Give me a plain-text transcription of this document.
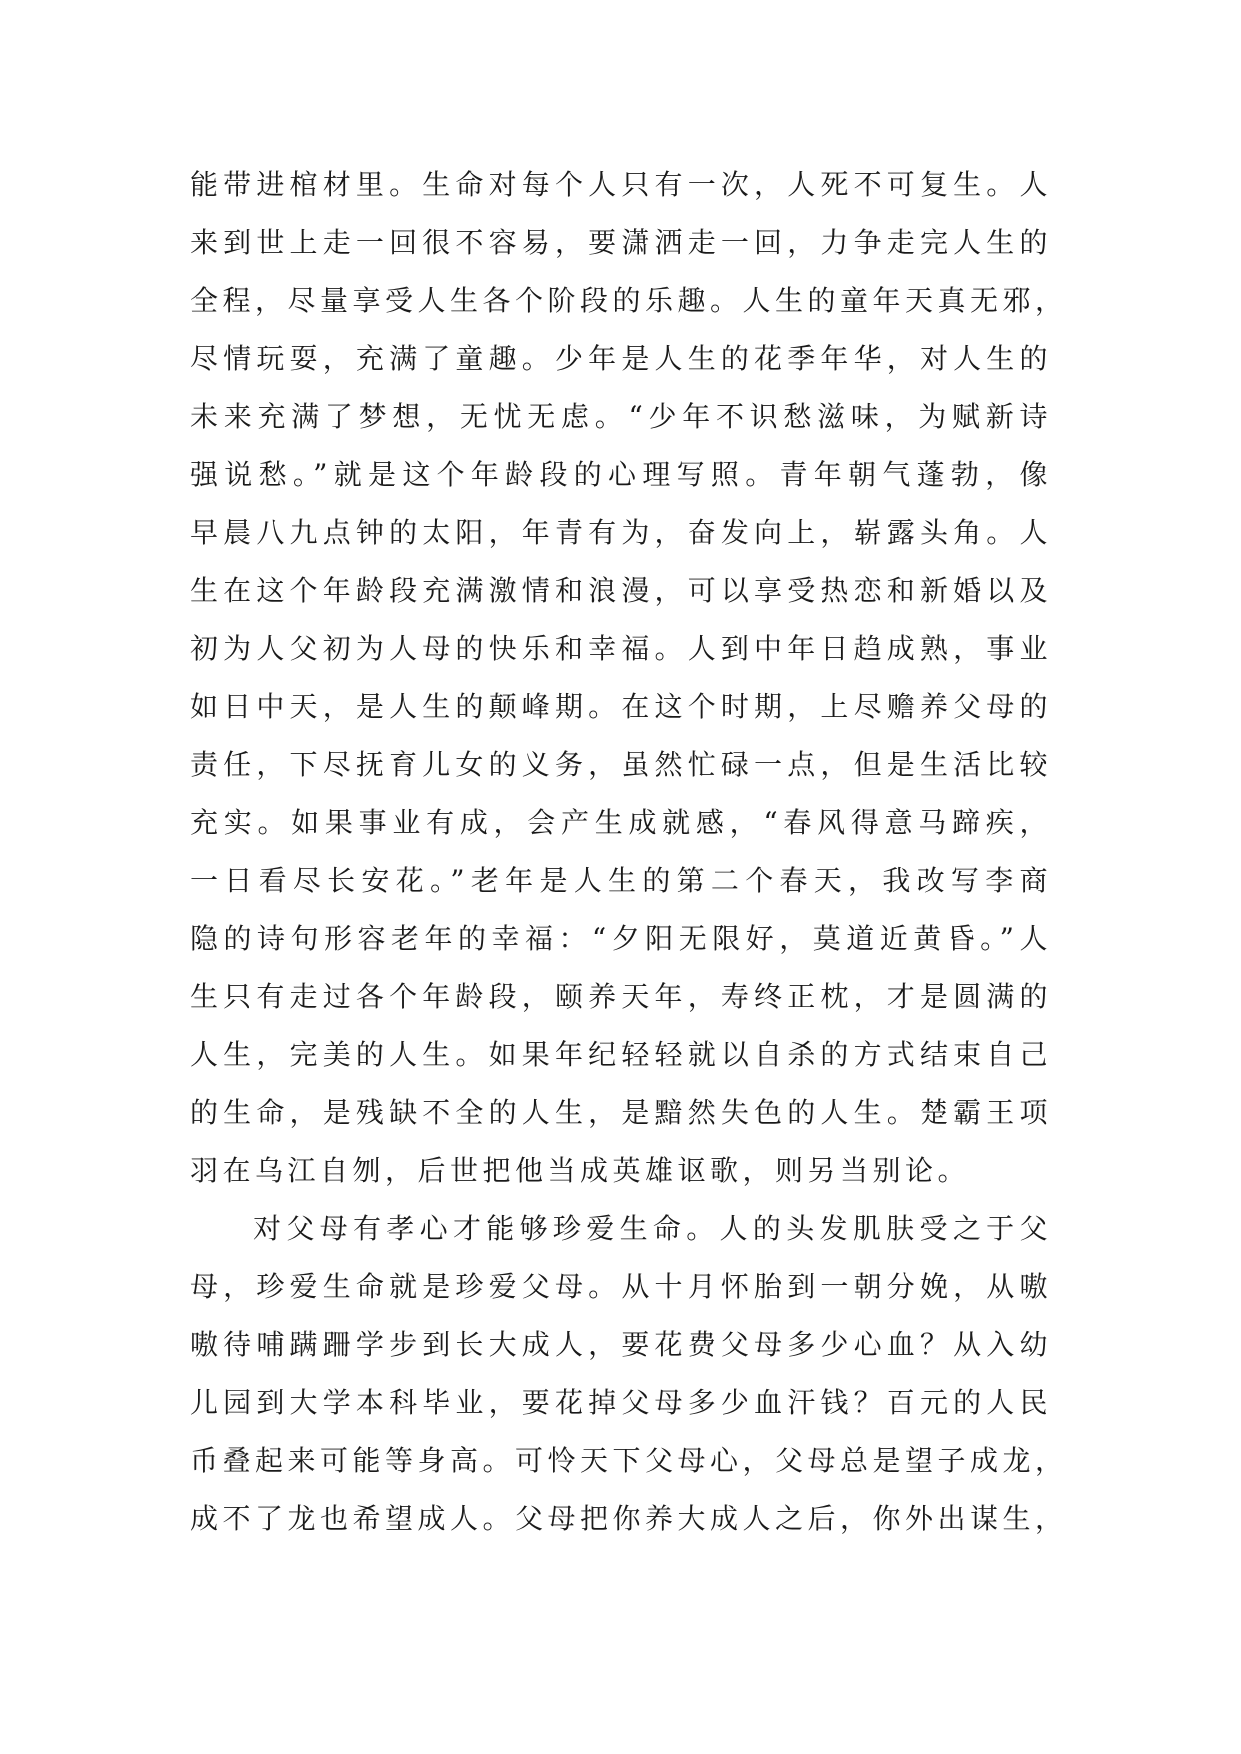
能带进棺材里。生命对每个人只有一次，人死不可复生。人
来到世上走一回很不容易，要潇洒走一回，力争走完人生的
全程，尽量享受人生各个阶段的乐趣。人生的童年天真无邪，
尽情玩耍，充满了童趣。少年是人生的花季年华，对人生的
未来充满了梦想，无忧无虑。“少年不识愁滋味，为赋新诗
强说愁。”就是这个年龄段的心理写照。青年朝气蓬勃，像
早晨八九点钟的太阳，年青有为，奋发向上，崭露头角。人
生在这个年龄段充满激情和浪漫，可以享受热恋和新婚以及
初为人父初为人母的快乐和幸福。人到中年日趋成熟，事业
如日中天，是人生的颠峰期。在这个时期，上尽赡养父母的
责任，下尽抚育儿女的义务，虽然忙碌一点，但是生活比较
充实。如果事业有成，会产生成就感，“春风得意马蹄疾，
一日看尽长安花。”老年是人生的第二个春天，我改写李商
隐的诗句形容老年的幸福：“夕阳无限好，莫道近黄昏。”人
生只有走过各个年龄段，颐养天年，寿终正枕，才是圆满的
人生，完美的人生。如果年纪轻轻就以自杀的方式结束自己
的生命，是残缺不全的人生，是黯然失色的人生。楚霸王项
羽在乌江自刎，后世把他当成英雄讴歌，则另当别论。
对父母有孝心才能够珍爱生命。人的头发肌肤受之于父
母，珍爱生命就是珍爱父母。从十月怀胎到一朝分娩，从嗷
嗷待哺蹒跚学步到长大成人，要花费父母多少心血？从入幼
儿园到大学本科毕业，要花掉父母多少血汗钱？百元的人民
币叠起来可能等身高。可怜天下父母心，父母总是望子成龙，
成不了龙也希望成人。父母把你养大成人之后，你外出谋生，
